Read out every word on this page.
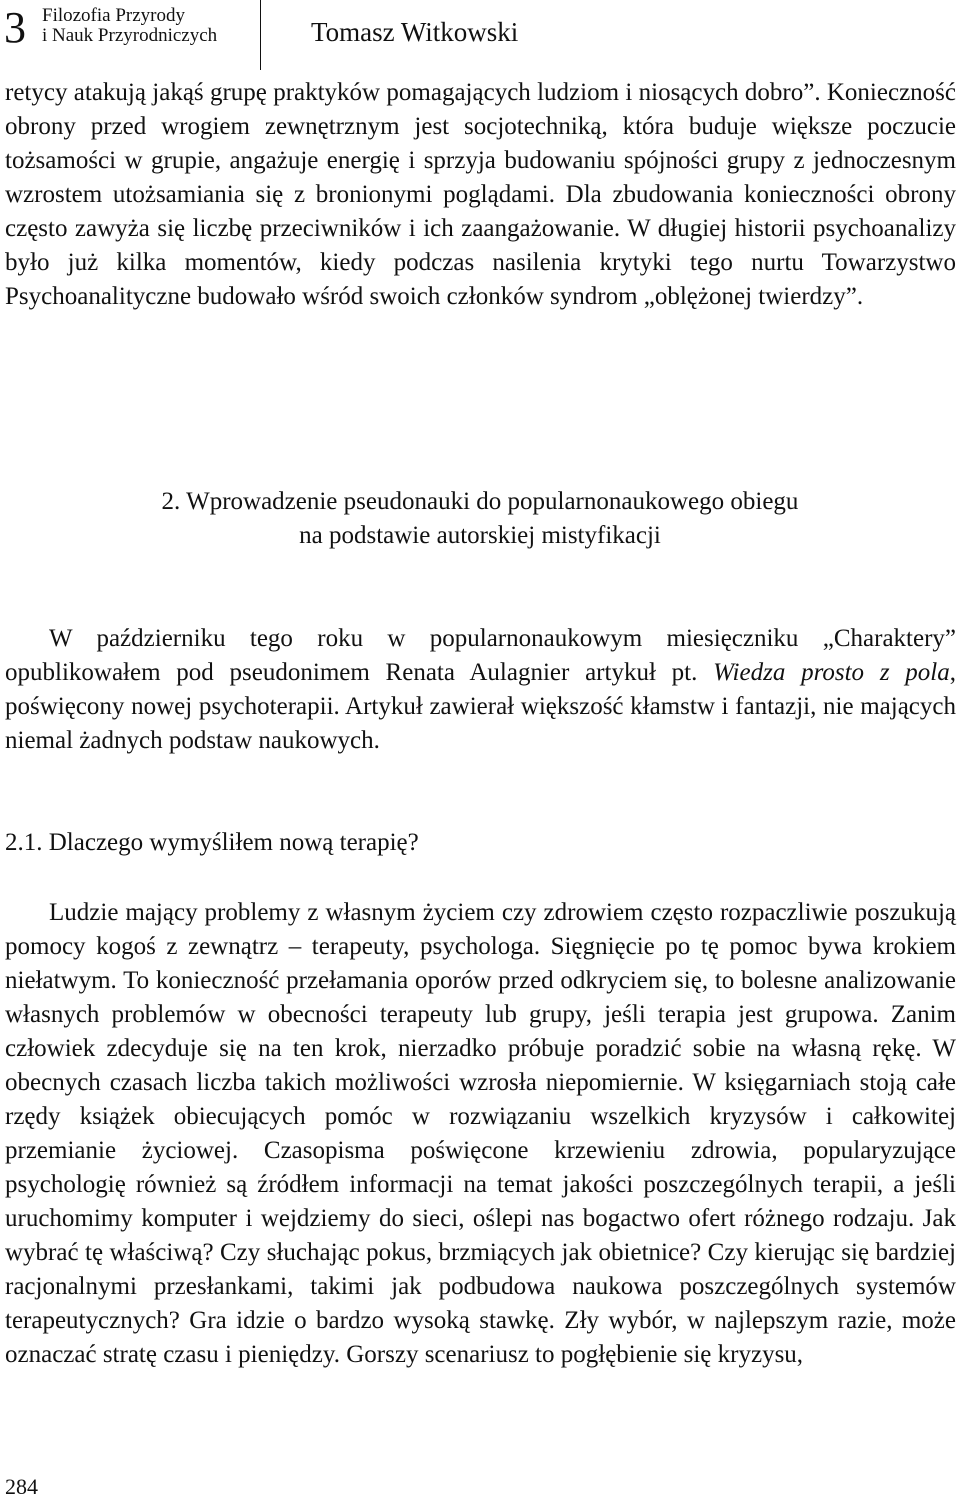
3 Filozofia Przyrody
i Nauk Przyrodniczych	Tomasz Witkowski

retycy atakują jakąś grupę praktyków pomagających ludziom i niosących dobro”. Konieczność obrony przed wrogiem zewnętrznym jest socjotechniką, która buduje większe poczucie tożsamości w grupie, angażuje energię i sprzyja budowaniu spójności grupy z jednoczesnym wzrostem utożsamiania się z bronionymi poglądami. Dla zbudowania konieczności obrony często zawyża się liczbę przeciwników i ich zaangażowanie. W długiej historii psychoanalizy było już kilka momentów, kiedy podczas nasilenia krytyki tego nurtu Towarzystwo Psychoanalityczne budowało wśród swoich członków syndrom „oblężonej twierdzy”.

2. Wprowadzenie pseudonauki do popularnonaukowego obiegu
na podstawie autorskiej mistyfikacji

W październiku tego roku w popularnonaukowym miesięczniku „Charaktery” opublikowałem pod pseudonimem Renata Aulagnier artykuł pt. Wiedza prosto z pola, poświęcony nowej psychoterapii. Artykuł zawierał większość kłamstw i fantazji, nie mających niemal żadnych podstaw naukowych.

2.1. Dlaczego wymyśliłem nową terapię?

Ludzie mający problemy z własnym życiem czy zdrowiem często rozpaczliwie poszukują pomocy kogoś z zewnątrz – terapeuty, psychologa. Sięgnięcie po tę pomoc bywa krokiem niełatwym. To konieczność przełamania oporów przed odkryciem się, to bolesne analizowanie własnych problemów w obecności terapeuty lub grupy, jeśli terapia jest grupowa. Zanim człowiek zdecyduje się na ten krok, nierzadko próbuje poradzić sobie na własną rękę. W obecnych czasach liczba takich możliwości wzrosła niepomiernie. W księgarniach stoją całe rzędy książek obiecujących pomóc w rozwiązaniu wszelkich kryzysów i całkowitej przemianie życiowej. Czasopisma poświęcone krzewieniu zdrowia, popularyzujące psychologię również są źródłem informacji na temat jakości poszczególnych terapii, a jeśli uruchomimy komputer i wejdziemy do sieci, oślepi nas bogactwo ofert różnego rodzaju. Jak wybrać tę właściwą? Czy słuchając pokus, brzmiących jak obietnice? Czy kierując się bardziej racjonalnymi przesłankami, takimi jak podbudowa naukowa poszczególnych systemów terapeutycznych? Gra idzie o bardzo wysoką stawkę. Zły wybór, w najlepszym razie, może oznaczać stratę czasu i pieniędzy. Gorszy scenariusz to pogłębienie się kryzysu,

284
